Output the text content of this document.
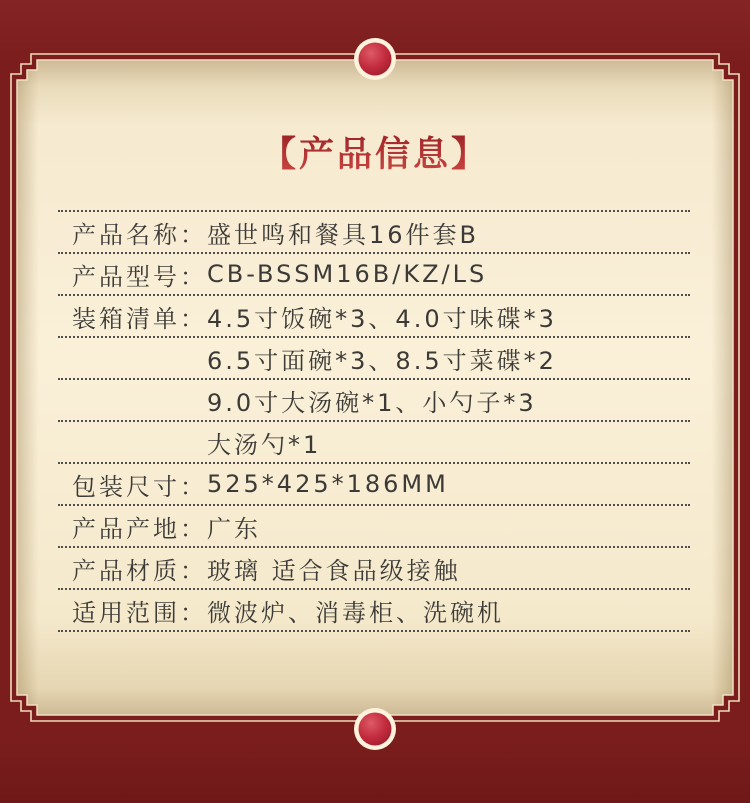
【产品信息】
产品名称： 盛世鸣和餐具16件套B
产品型号： CB-BSSM16B/KZ/LS
装箱清单： 4.5寸饭碗*3、4.0寸味碟*3
6.5寸面碗*3、8.5寸菜碟*2
9.0寸大汤碗*1、小勺子*3
大汤勺*1
包装尺寸： 525*425*186MM
产品产地： 广东
产品材质： 玻璃 适合食品级接触
适用范围： 微波炉、消毒柜、洗碗机
